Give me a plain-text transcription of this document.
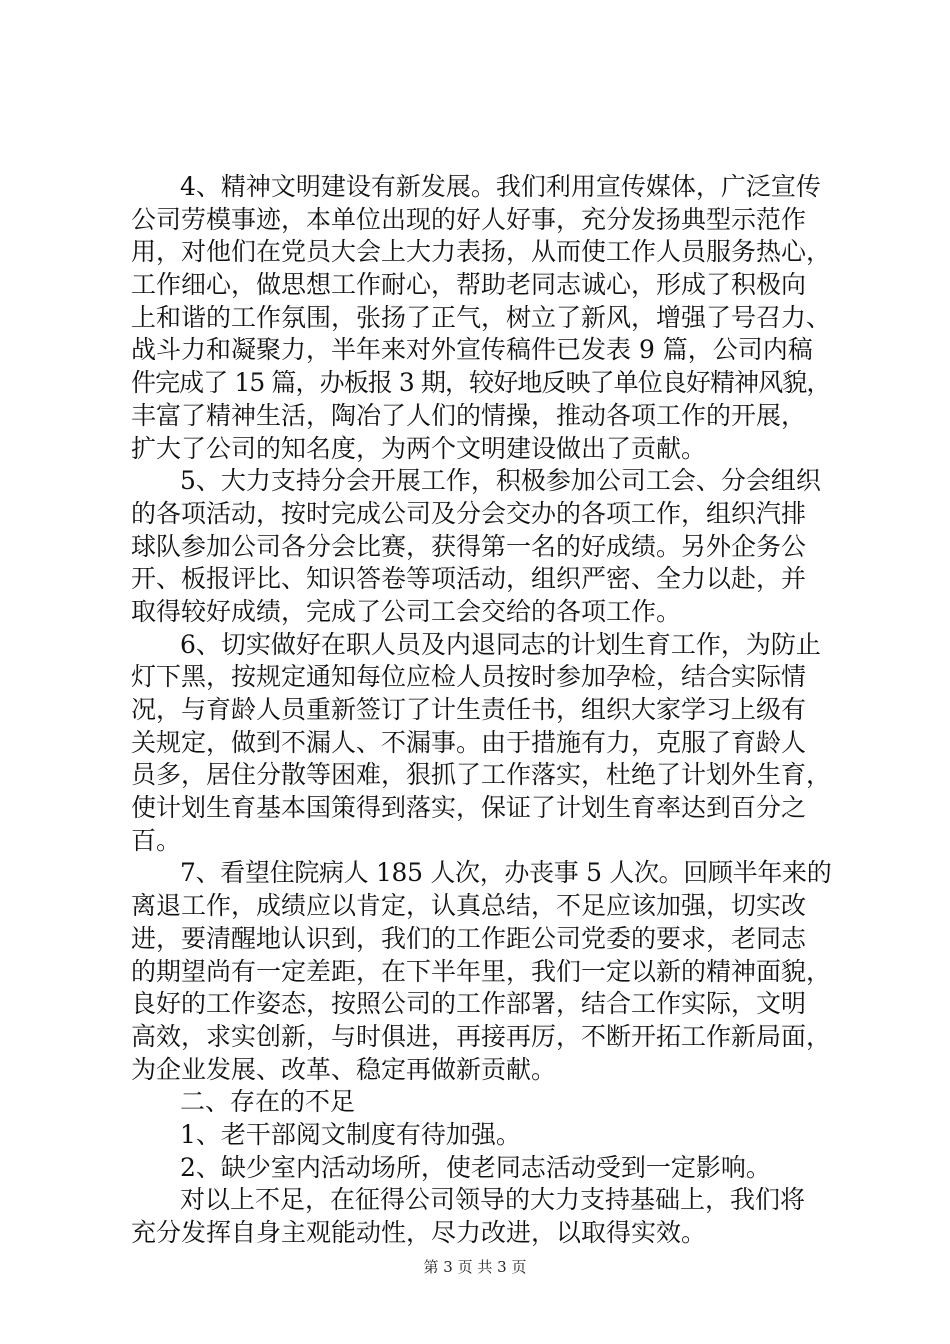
4、精神文明建设有新发展。我们利用宣传媒体，广泛宣传
公司劳模事迹，本单位出现的好人好事，充分发扬典型示范作
用，对他们在党员大会上大力表扬，从而使工作人员服务热心，
工作细心，做思想工作耐心，帮助老同志诚心，形成了积极向
上和谐的工作氛围，张扬了正气，树立了新风，增强了号召力、
战斗力和凝聚力，半年来对外宣传稿件已发表 9 篇，公司内稿
件完成了 15 篇，办板报 3 期，较好地反映了单位良好精神风貌，
丰富了精神生活，陶冶了人们的情操，推动各项工作的开展，
扩大了公司的知名度，为两个文明建设做出了贡献。
5、大力支持分会开展工作，积极参加公司工会、分会组织
的各项活动，按时完成公司及分会交办的各项工作，组织汽排
球队参加公司各分会比赛，获得第一名的好成绩。另外企务公
开、板报评比、知识答卷等项活动，组织严密、全力以赴，并
取得较好成绩，完成了公司工会交给的各项工作。
6、切实做好在职人员及内退同志的计划生育工作，为防止
灯下黑，按规定通知每位应检人员按时参加孕检，结合实际情
况，与育龄人员重新签订了计生责任书，组织大家学习上级有
关规定，做到不漏人、不漏事。由于措施有力，克服了育龄人
员多，居住分散等困难，狠抓了工作落实，杜绝了计划外生育，
使计划生育基本国策得到落实，保证了计划生育率达到百分之
百。
7、看望住院病人 185 人次，办丧事 5 人次。回顾半年来的
离退工作，成绩应以肯定，认真总结，不足应该加强，切实改
进，要清醒地认识到，我们的工作距公司党委的要求，老同志
的期望尚有一定差距，在下半年里，我们一定以新的精神面貌，
良好的工作姿态，按照公司的工作部署，结合工作实际，文明
高效，求实创新，与时俱进，再接再厉，不断开拓工作新局面，
为企业发展、改革、稳定再做新贡献。
二、存在的不足
1、老干部阅文制度有待加强。
2、缺少室内活动场所，使老同志活动受到一定影响。
对以上不足，在征得公司领导的大力支持基础上，我们将
充分发挥自身主观能动性，尽力改进，以取得实效。
第 3 页 共 3 页
